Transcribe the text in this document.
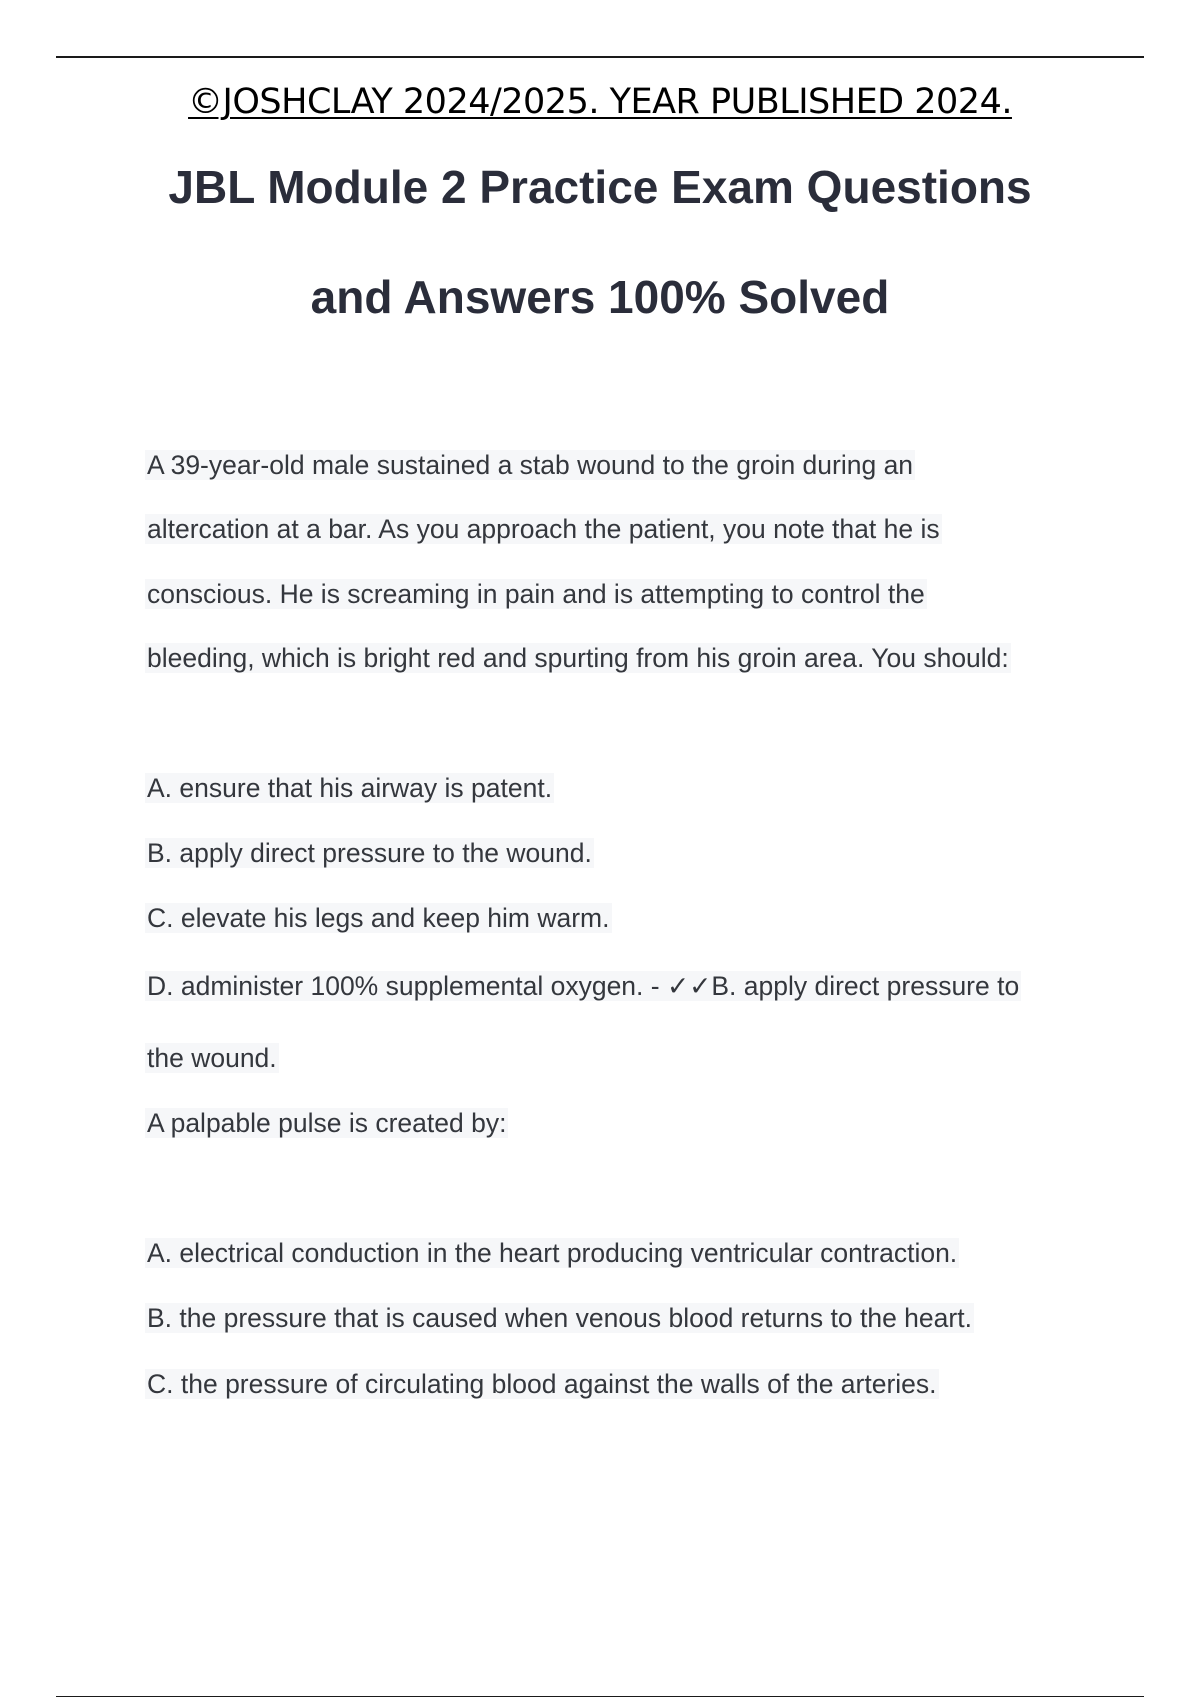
©JOSHCLAY 2024/2025. YEAR PUBLISHED 2024.
JBL Module 2 Practice Exam Questions
and Answers 100% Solved

A 39-year-old male sustained a stab wound to the groin during an

altercation at a bar. As you approach the patient, you note that he is

conscious. He is screaming in pain and is attempting to control the

bleeding, which is bright red and spurting from his groin area. You should:

A. ensure that his airway is patent.

B. apply direct pressure to the wound.

C. elevate his legs and keep him warm.

D. administer 100% supplemental oxygen. - ✓✓B. apply direct pressure to

the wound.

A palpable pulse is created by:

A. electrical conduction in the heart producing ventricular contraction.

B. the pressure that is caused when venous blood returns to the heart.

C. the pressure of circulating blood against the walls of the arteries.
